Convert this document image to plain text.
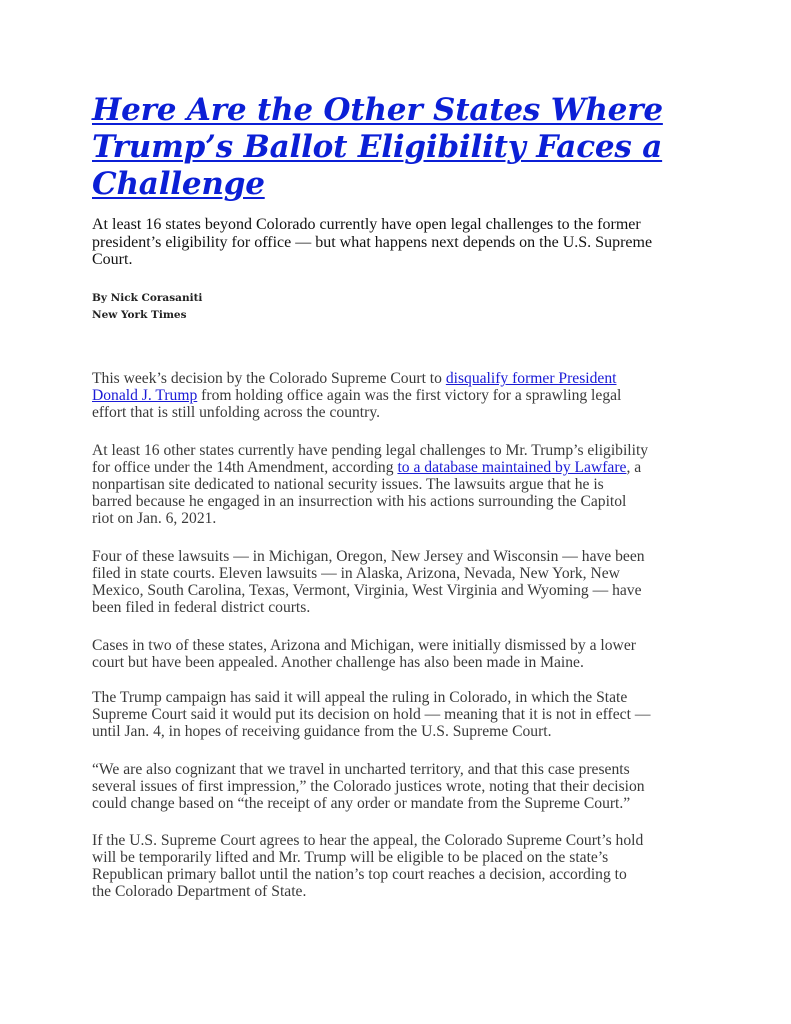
Here Are the Other States Where
Trump’s Ballot Eligibility Faces a
Challenge

At least 16 states beyond Colorado currently have open legal challenges to the former
president’s eligibility for office — but what happens next depends on the U.S. Supreme
Court.

By Nick Corasaniti
New York Times

This week’s decision by the Colorado Supreme Court to disqualify former President
Donald J. Trump from holding office again was the first victory for a sprawling legal
effort that is still unfolding across the country.

At least 16 other states currently have pending legal challenges to Mr. Trump’s eligibility
for office under the 14th Amendment, according to a database maintained by Lawfare, a
nonpartisan site dedicated to national security issues. The lawsuits argue that he is
barred because he engaged in an insurrection with his actions surrounding the Capitol
riot on Jan. 6, 2021.

Four of these lawsuits — in Michigan, Oregon, New Jersey and Wisconsin — have been
filed in state courts. Eleven lawsuits — in Alaska, Arizona, Nevada, New York, New
Mexico, South Carolina, Texas, Vermont, Virginia, West Virginia and Wyoming — have
been filed in federal district courts.

Cases in two of these states, Arizona and Michigan, were initially dismissed by a lower
court but have been appealed. Another challenge has also been made in Maine.

The Trump campaign has said it will appeal the ruling in Colorado, in which the State
Supreme Court said it would put its decision on hold — meaning that it is not in effect —
until Jan. 4, in hopes of receiving guidance from the U.S. Supreme Court.

“We are also cognizant that we travel in uncharted territory, and that this case presents
several issues of first impression,” the Colorado justices wrote, noting that their decision
could change based on “the receipt of any order or mandate from the Supreme Court.”

If the U.S. Supreme Court agrees to hear the appeal, the Colorado Supreme Court’s hold
will be temporarily lifted and Mr. Trump will be eligible to be placed on the state’s
Republican primary ballot until the nation’s top court reaches a decision, according to
the Colorado Department of State.
